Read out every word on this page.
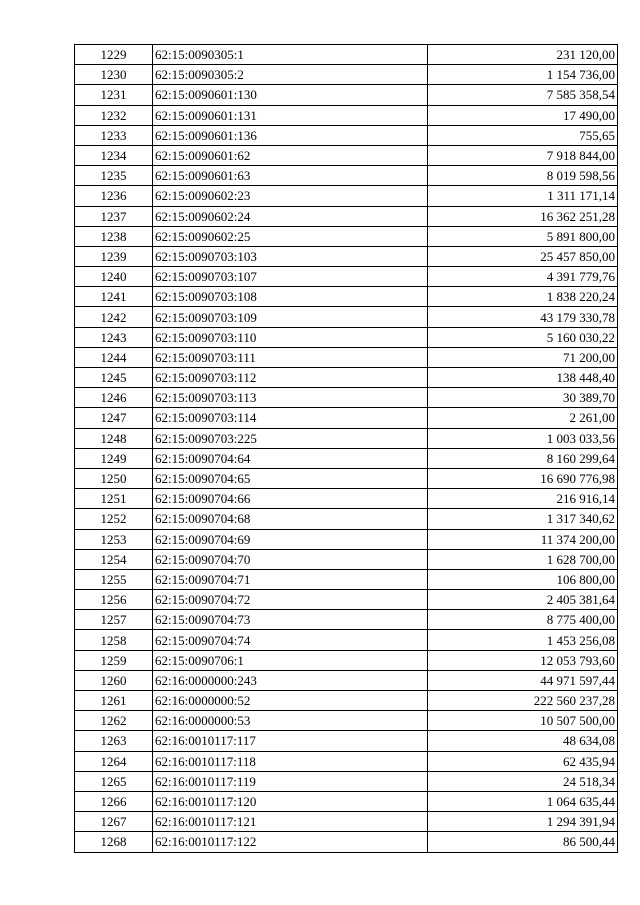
1229	62:15:0090305:1	231 120,00
1230	62:15:0090305:2	1 154 736,00
1231	62:15:0090601:130	7 585 358,54
1232	62:15:0090601:131	17 490,00
1233	62:15:0090601:136	755,65
1234	62:15:0090601:62	7 918 844,00
1235	62:15:0090601:63	8 019 598,56
1236	62:15:0090602:23	1 311 171,14
1237	62:15:0090602:24	16 362 251,28
1238	62:15:0090602:25	5 891 800,00
1239	62:15:0090703:103	25 457 850,00
1240	62:15:0090703:107	4 391 779,76
1241	62:15:0090703:108	1 838 220,24
1242	62:15:0090703:109	43 179 330,78
1243	62:15:0090703:110	5 160 030,22
1244	62:15:0090703:111	71 200,00
1245	62:15:0090703:112	138 448,40
1246	62:15:0090703:113	30 389,70
1247	62:15:0090703:114	2 261,00
1248	62:15:0090703:225	1 003 033,56
1249	62:15:0090704:64	8 160 299,64
1250	62:15:0090704:65	16 690 776,98
1251	62:15:0090704:66	216 916,14
1252	62:15:0090704:68	1 317 340,62
1253	62:15:0090704:69	11 374 200,00
1254	62:15:0090704:70	1 628 700,00
1255	62:15:0090704:71	106 800,00
1256	62:15:0090704:72	2 405 381,64
1257	62:15:0090704:73	8 775 400,00
1258	62:15:0090704:74	1 453 256,08
1259	62:15:0090706:1	12 053 793,60
1260	62:16:0000000:243	44 971 597,44
1261	62:16:0000000:52	222 560 237,28
1262	62:16:0000000:53	10 507 500,00
1263	62:16:0010117:117	48 634,08
1264	62:16:0010117:118	62 435,94
1265	62:16:0010117:119	24 518,34
1266	62:16:0010117:120	1 064 635,44
1267	62:16:0010117:121	1 294 391,94
1268	62:16:0010117:122	86 500,44
